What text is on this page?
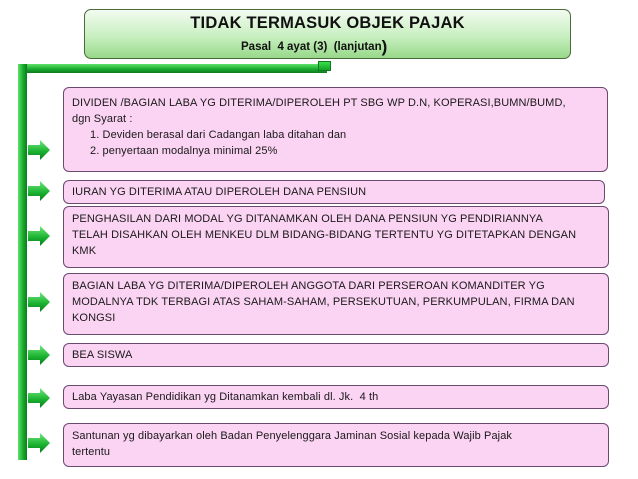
TIDAK TERMASUK OBJEK PAJAK
Pasal  4 ayat (3)  (lanjutan)
DIVIDEN /BAGIAN LABA YG DITERIMA/DIPEROLEH PT SBG WP D.N, KOPERASI,BUMN/BUMD,
dgn Syarat :
1. Deviden berasal dari Cadangan laba ditahan dan
2. penyertaan modalnya minimal 25%
IURAN YG DITERIMA ATAU DIPEROLEH DANA PENSIUN
PENGHASILAN DARI MODAL YG DITANAMKAN OLEH DANA PENSIUN YG PENDIRIANNYA
TELAH DISAHKAN OLEH MENKEU DLM BIDANG-BIDANG TERTENTU YG DITETAPKAN DENGAN
KMK
BAGIAN LABA YG DITERIMA/DIPEROLEH ANGGOTA DARI PERSEROAN KOMANDITER YG
MODALNYA TDK TERBAGI ATAS SAHAM-SAHAM, PERSEKUTUAN, PERKUMPULAN, FIRMA DAN
KONGSI
BEA SISWA
Laba Yayasan Pendidikan yg Ditanamkan kembali dl. Jk.  4 th
Santunan yg dibayarkan oleh Badan Penyelenggara Jaminan Sosial kepada Wajib Pajak
tertentu
